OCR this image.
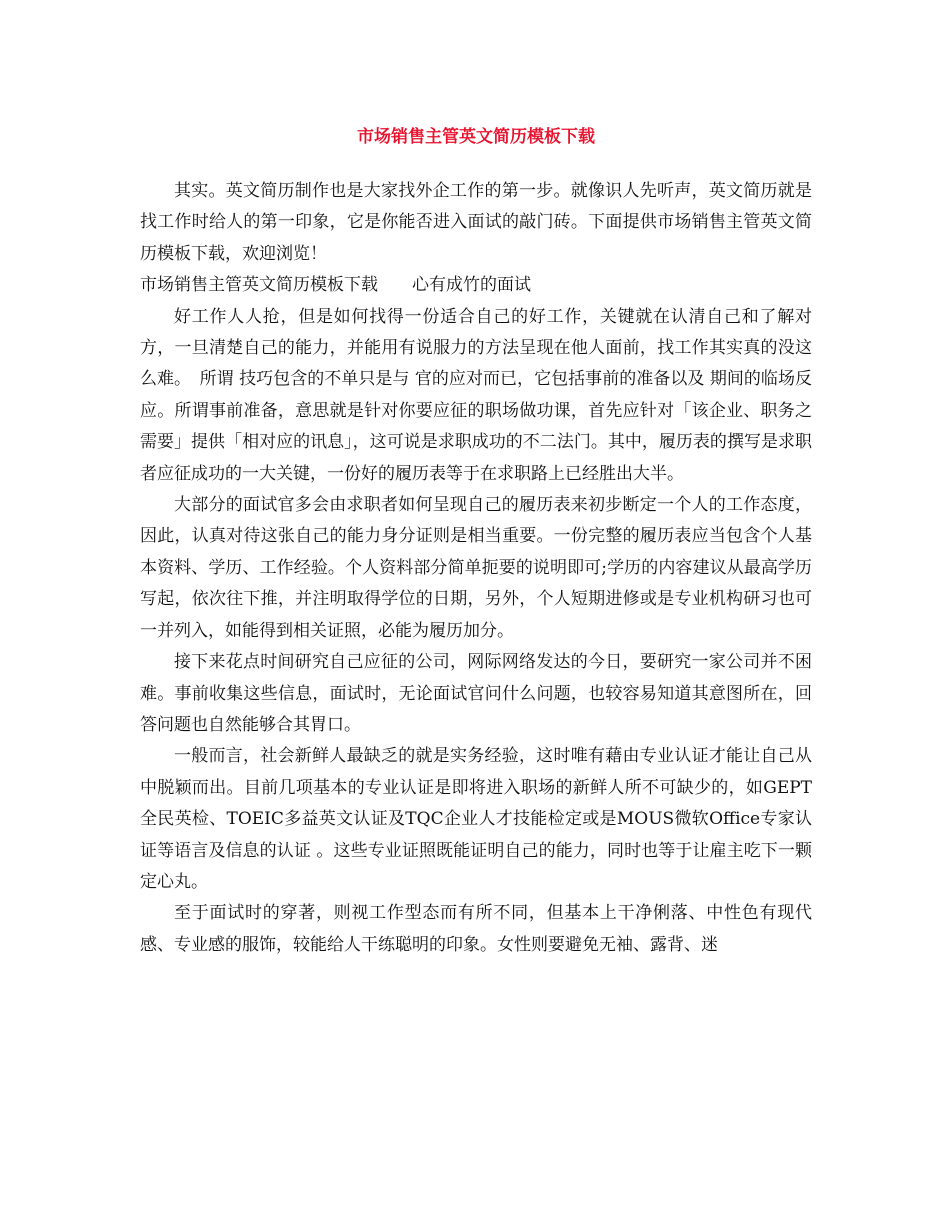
市场销售主管英文简历模板下载

其实。英文简历制作也是大家找外企工作的第一步。就像识人先听声，英文简历就是找工作时给人的第一印象，它是你能否进入面试的敲门砖。下面提供市场销售主管英文简历模板下载，欢迎浏览！

市场销售主管英文简历模板下载　　心有成竹的面试

好工作人人抢，但是如何找得一份适合自己的好工作，关键就在认清自己和了解对方，一旦清楚自己的能力，并能用有说服力的方法呈现在他人面前，找工作其实真的没这么难。　所谓 技巧包含的不单只是与 官的应对而已，它包括事前的准备以及 期间的临场反应。所谓事前准备，意思就是针对你要应征的职场做功课，首先应针对「该企业、职务之需要」提供「相对应的讯息」，这可说是求职成功的不二法门。其中，履历表的撰写是求职者应征成功的一大关键，一份好的履历表等于在求职路上已经胜出大半。

大部分的面试官多会由求职者如何呈现自己的履历表来初步断定一个人的工作态度，因此，认真对待这张自己的能力身分证则是相当重要。一份完整的履历表应当包含个人基本资料、学历、工作经验。个人资料部分简单扼要的说明即可;学历的内容建议从最高学历写起，依次往下推，并注明取得学位的日期，另外，个人短期进修或是专业机构研习也可一并列入，如能得到相关证照，必能为履历加分。

接下来花点时间研究自己应征的公司，网际网络发达的今日，要研究一家公司并不困难。事前收集这些信息，面试时，无论面试官问什么问题，也较容易知道其意图所在，回答问题也自然能够合其胃口。

一般而言，社会新鲜人最缺乏的就是实务经验，这时唯有藉由专业认证才能让自己从中脱颖而出。目前几项基本的专业认证是即将进入职场的新鲜人所不可缺少的，如GEPT全民英检、TOEIC多益英文认证及TQC企业人才技能检定或是MOUS微软Office专家认证等语言及信息的认证 。这些专业证照既能证明自己的能力，同时也等于让雇主吃下一颗定心丸。

至于面试时的穿著，则视工作型态而有所不同，但基本上干净俐落、中性色有现代感、专业感的服饰，较能给人干练聪明的印象。女性则要避免无袖、露背、迷
